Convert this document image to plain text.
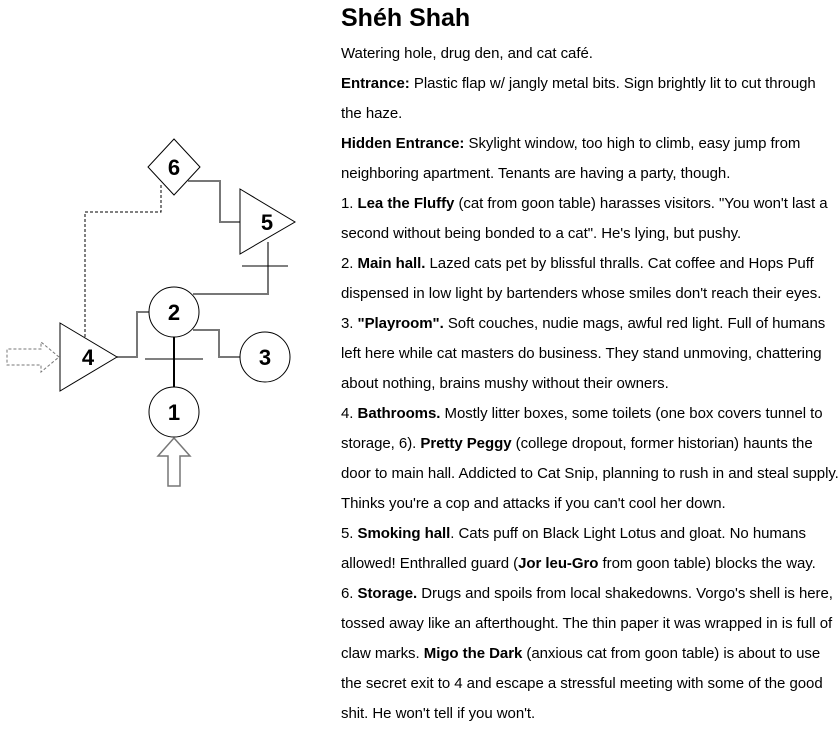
6
5
2
3
1
4
Shéh Shah

Watering hole, drug den, and cat café.

Entrance: Plastic flap w/ jangly metal bits. Sign brightly lit to cut through the haze.

Hidden Entrance: Skylight window, too high to climb, easy jump from neighboring apartment. Tenants are having a party, though.

1. Lea the Fluffy (cat from goon table) harasses visitors. "You won't last a second without being bonded to a cat". He's lying, but pushy.

2. Main hall. Lazed cats pet by blissful thralls. Cat coffee and Hops Puff dispensed in low light by bartenders whose smiles don't reach their eyes.

3. "Playroom". Soft couches, nudie mags, awful red light. Full of humans left here while cat masters do business. They stand unmoving, chattering about nothing, brains mushy without their owners.

4. Bathrooms. Mostly litter boxes, some toilets (one box covers tunnel to storage, 6). Pretty Peggy (college dropout, former historian) haunts the door to main hall. Addicted to Cat Snip, planning to rush in and steal supply. Thinks you're a cop and attacks if you can't cool her down.

5. Smoking hall. Cats puff on Black Light Lotus and gloat. No humans allowed! Enthralled guard (Jor leu-Gro from goon table) blocks the way.

6. Storage. Drugs and spoils from local shakedowns. Vorgo's shell is here, tossed away like an afterthought. The thin paper it was wrapped in is full of claw marks. Migo the Dark (anxious cat from goon table) is about to use the secret exit to 4 and escape a stressful meeting with some of the good shit. He won't tell if you won't.
